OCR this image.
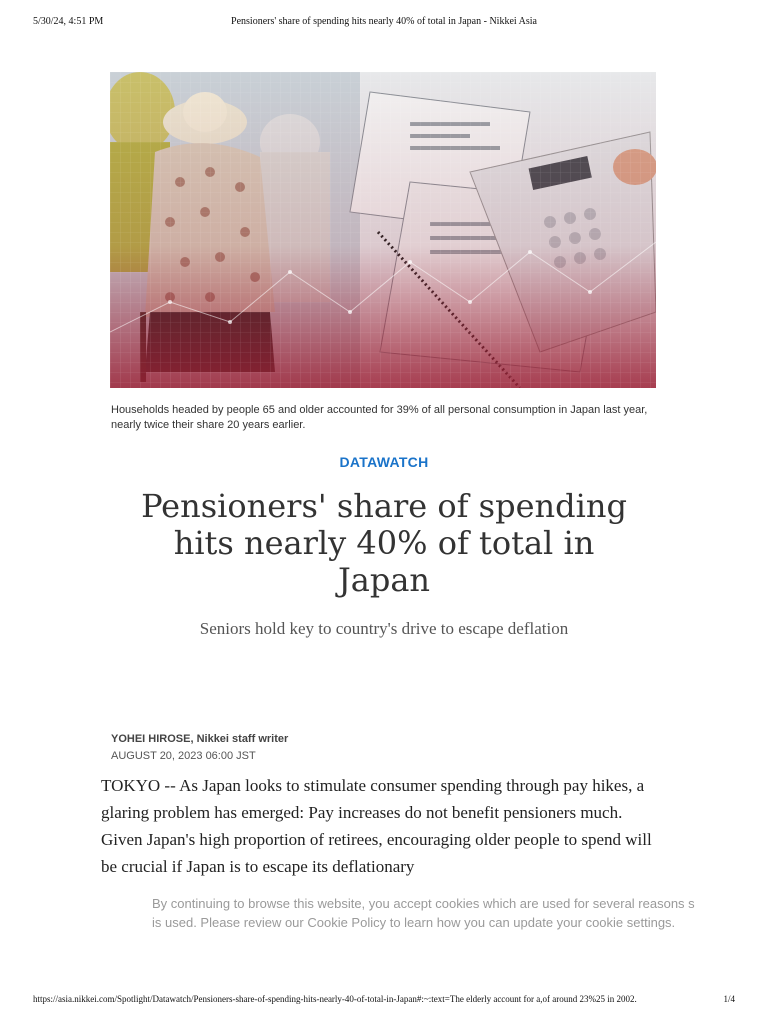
5/30/24, 4:51 PM	Pensioners' share of spending hits nearly 40% of total in Japan - Nikkei Asia
Households headed by people 65 and older accounted for 39% of all personal consumption in Japan last year, nearly twice their share 20 years earlier.
DATAWATCH
Pensioners' share of spending hits nearly 40% of total in Japan
Seniors hold key to country's drive to escape deflation
YOHEI HIROSE, Nikkei staff writer
AUGUST 20, 2023 06:00 JST

TOKYO -- As Japan looks to stimulate consumer spending through pay hikes, a glaring problem has emerged: Pay increases do not benefit pensioners much. Given Japan's high proportion of retirees, encouraging older people to spend will be crucial if Japan is to escape its deflationary

By continuing to browse this website, you accept cookies which are used for several reasons s
is used. Please review our Cookie Policy to learn how you can update your cookie settings.
https://asia.nikkei.com/Spotlight/Datawatch/Pensioners-share-of-spending-hits-nearly-40-of-total-in-Japan#:~:text=The elderly account for a,of around 23%25 in 2002.	1/4
